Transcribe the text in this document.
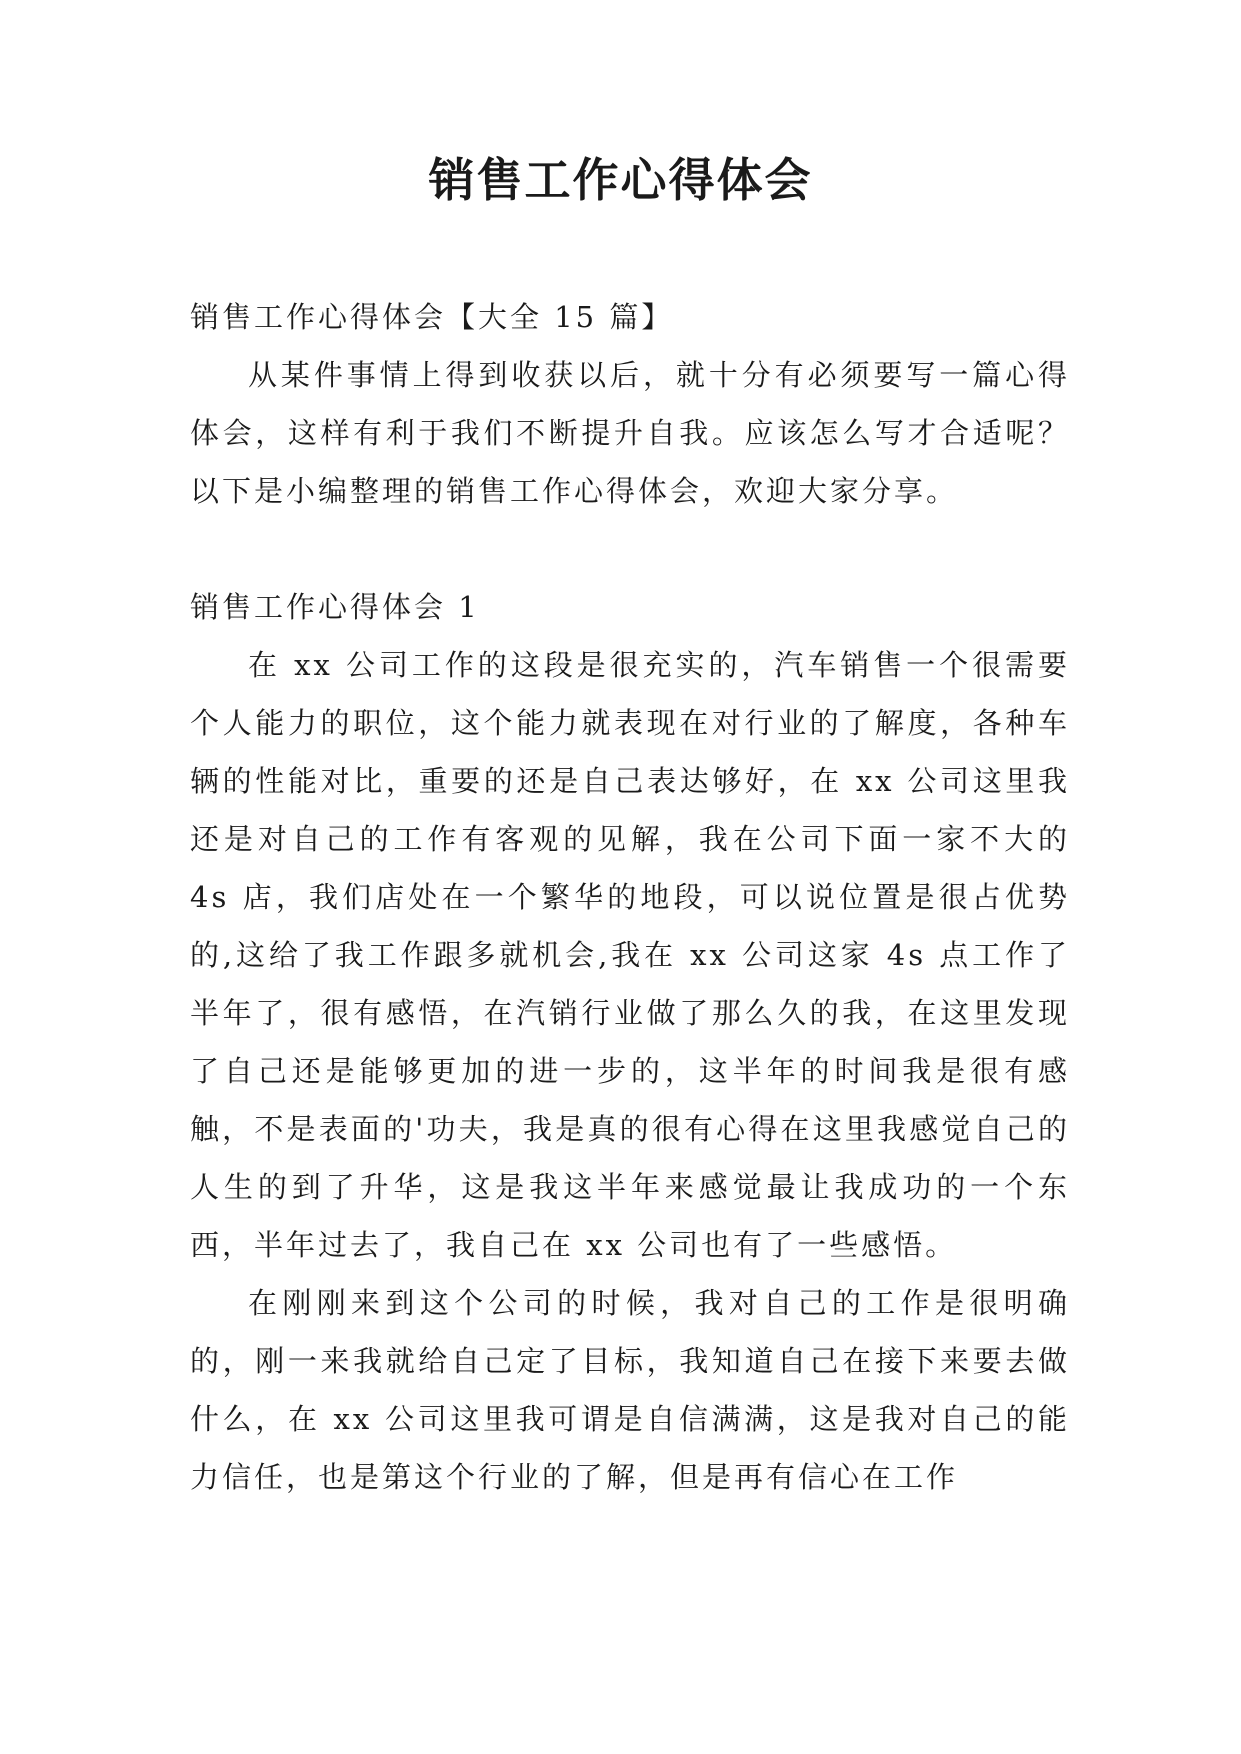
销售工作心得体会

销售工作心得体会【大全 15 篇】

从某件事情上得到收获以后，就十分有必须要写一篇心得体会，这样有利于我们不断提升自我。应该怎么写才合适呢？以下是小编整理的销售工作心得体会，欢迎大家分享。

销售工作心得体会 1

在 xx 公司工作的这段是很充实的，汽车销售一个很需要个人能力的职位，这个能力就表现在对行业的了解度，各种车辆的性能对比，重要的还是自己表达够好，在 xx 公司这里我还是对自己的工作有客观的见解，我在公司下面一家不大的 4s 店，我们店处在一个繁华的地段，可以说位置是很占优势的,这给了我工作跟多就机会,我在 xx 公司这家 4s 点工作了半年了，很有感悟，在汽销行业做了那么久的我，在这里发现了自己还是能够更加的进一步的，这半年的时间我是很有感触，不是表面的'功夫，我是真的很有心得在这里我感觉自己的人生的到了升华，这是我这半年来感觉最让我成功的一个东西，半年过去了，我自己在 xx 公司也有了一些感悟。

在刚刚来到这个公司的时候，我对自己的工作是很明确的，刚一来我就给自己定了目标，我知道自己在接下来要去做什么，在 xx 公司这里我可谓是自信满满，这是我对自己的能力信任，也是第这个行业的了解，但是再有信心在工作
